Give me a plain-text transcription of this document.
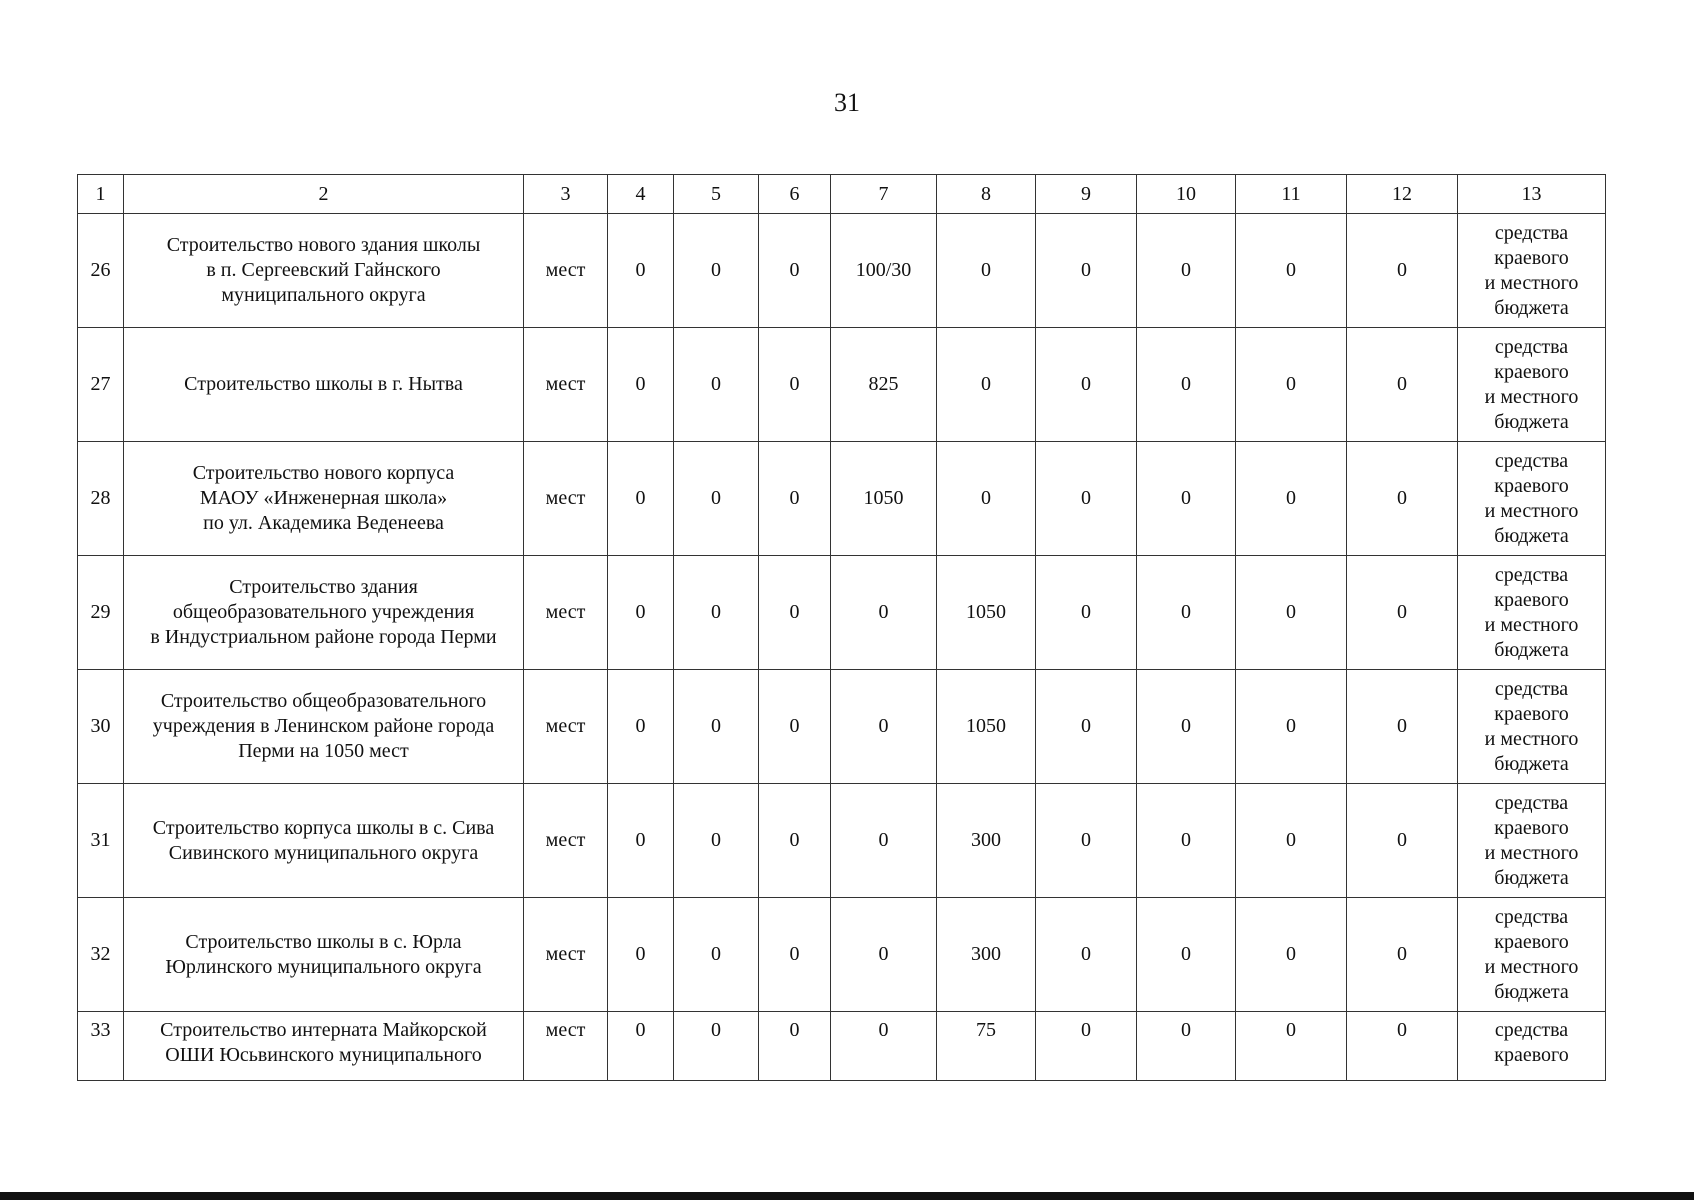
31
1	2	3	4	5	6	7	8	9	10	11	12	13
26	Строительство нового здания школы
в п. Сергеевский Гайнского
муниципального округа	мест	0	0	0	100/30	0	0	0	0	0	средства
краевого
и местного
бюджета
27	Строительство школы в г. Нытва	мест	0	0	0	825	0	0	0	0	0	средства
краевого
и местного
бюджета
28	Строительство нового корпуса
МАОУ «Инженерная школа»
по ул. Академика Веденеева	мест	0	0	0	1050	0	0	0	0	0	средства
краевого
и местного
бюджета
29	Строительство здания
общеобразовательного учреждения
в Индустриальном районе города Перми	мест	0	0	0	0	1050	0	0	0	0	средства
краевого
и местного
бюджета
30	Строительство общеобразовательного
учреждения в Ленинском районе города
Перми на 1050 мест	мест	0	0	0	0	1050	0	0	0	0	средства
краевого
и местного
бюджета
31	Строительство корпуса школы в с. Сива
Сивинского муниципального округа	мест	0	0	0	0	300	0	0	0	0	средства
краевого
и местного
бюджета
32	Строительство школы в с. Юрла
Юрлинского муниципального округа	мест	0	0	0	0	300	0	0	0	0	средства
краевого
и местного
бюджета
33	Строительство интерната Майкорской
ОШИ Юсьвинского муниципального	мест	0	0	0	0	75	0	0	0	0	средства
краевого
